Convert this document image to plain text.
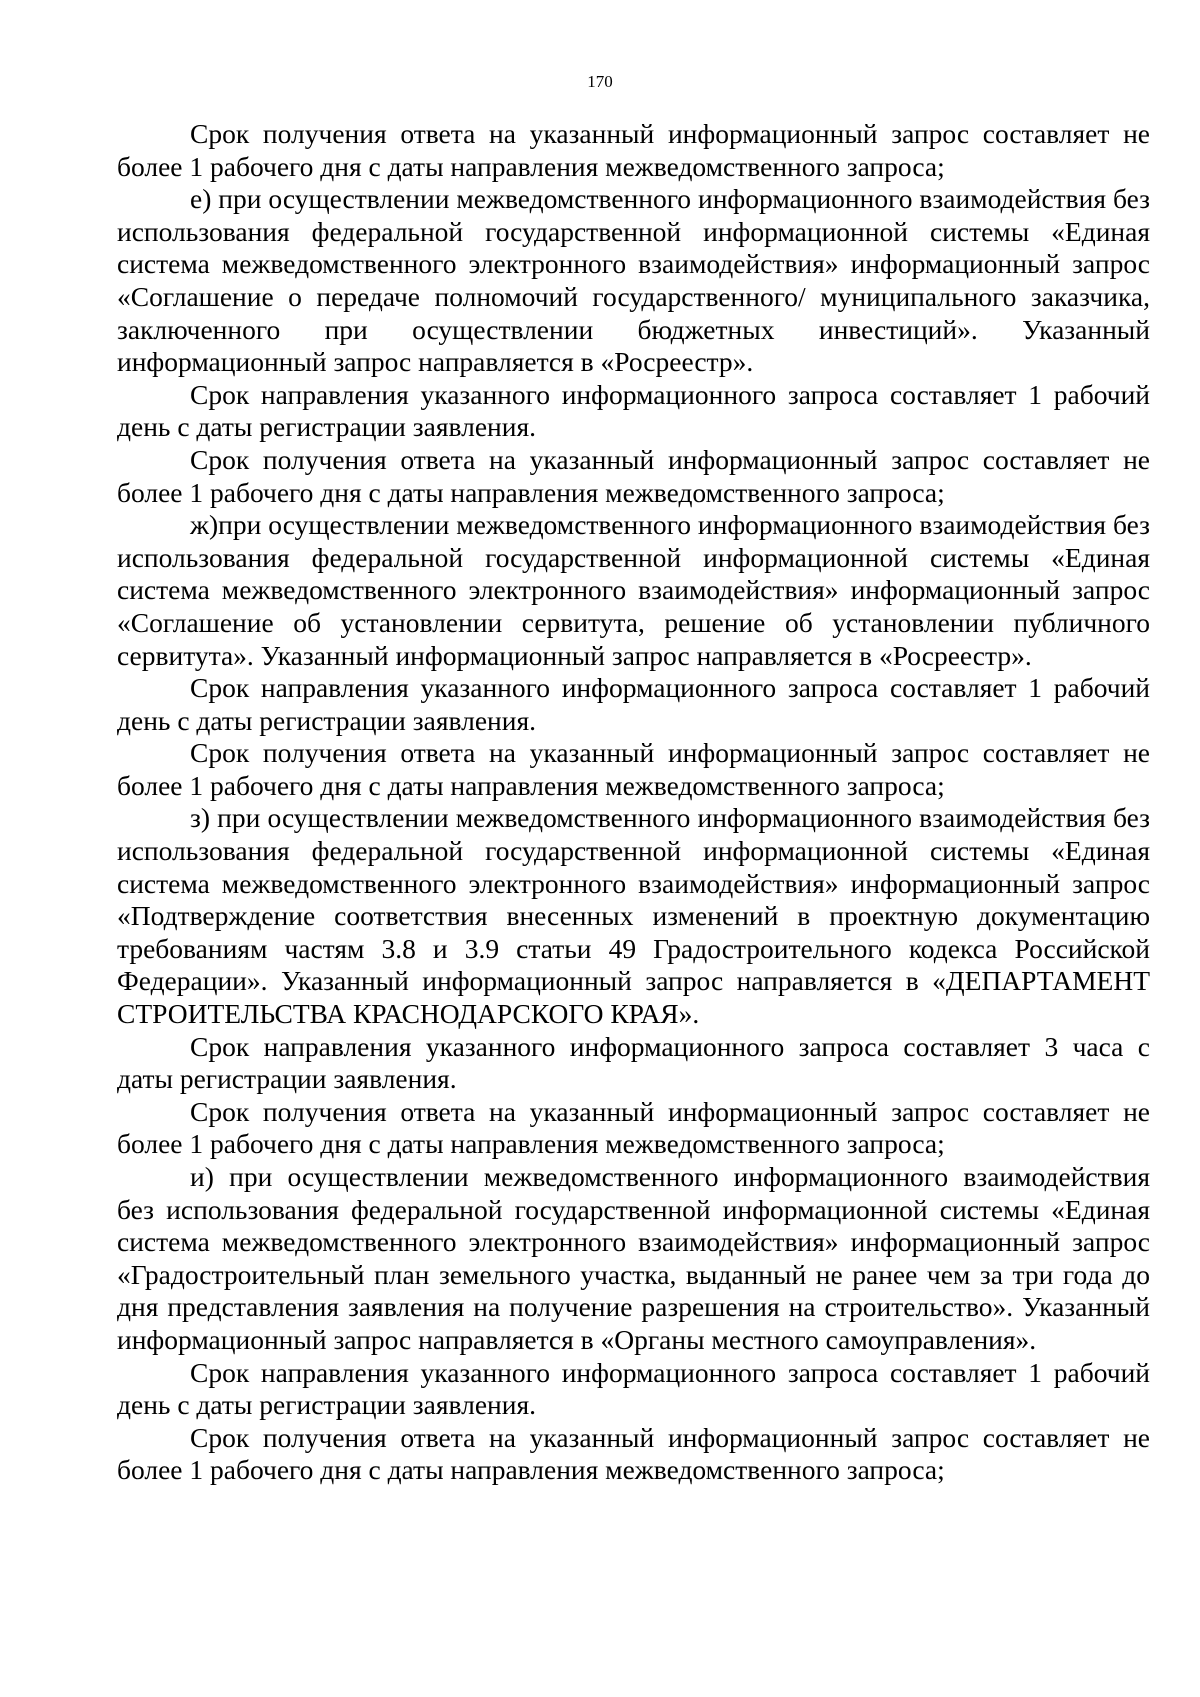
170

Срок получения ответа на указанный информационный запрос составляет не более 1 рабочего дня с даты направления межведомственного запроса;

е) при осуществлении межведомственного информационного взаимодействия без использования федеральной государственной информационной системы «Единая система межведомственного электронного взаимодействия» информационный запрос «Соглашение о передаче полномочий государственного/ муниципального заказчика, заключенного при осуществлении бюджетных инвестиций». Указанный информационный запрос направляется в «Росреестр».

Срок направления указанного информационного запроса составляет 1 рабочий день с даты регистрации заявления.

Срок получения ответа на указанный информационный запрос составляет не более 1 рабочего дня с даты направления межведомственного запроса;

ж)при осуществлении межведомственного информационного взаимодействия без использования федеральной государственной информационной системы «Единая система межведомственного электронного взаимодействия» информационный запрос «Соглашение об установлении сервитута, решение об установлении публичного сервитута». Указанный информационный запрос направляется в «Росреестр».

Срок направления указанного информационного запроса составляет 1 рабочий день с даты регистрации заявления.

Срок получения ответа на указанный информационный запрос составляет не более 1 рабочего дня с даты направления межведомственного запроса;

з) при осуществлении межведомственного информационного взаимодействия без использования федеральной государственной информационной системы «Единая система межведомственного электронного взаимодействия» информационный запрос «Подтверждение соответствия внесенных изменений в проектную документацию требованиям частям 3.8 и 3.9 статьи 49 Градостроительного кодекса Российской Федерации». Указанный информационный запрос направляется в «ДЕПАРТАМЕНТ СТРОИТЕЛЬСТВА КРАСНОДАРСКОГО КРАЯ».

Срок направления указанного информационного запроса составляет 3 часа с даты регистрации заявления.

Срок получения ответа на указанный информационный запрос составляет не более 1 рабочего дня с даты направления межведомственного запроса;

и) при осуществлении межведомственного информационного взаимодействия без использования федеральной государственной информационной системы «Единая система межведомственного электронного взаимодействия» информационный запрос «Градостроительный план земельного участка, выданный не ранее чем за три года до дня представления заявления на получение разрешения на строительство». Указанный информационный запрос направляется в «Органы местного самоуправления».

Срок направления указанного информационного запроса составляет 1 рабочий день с даты регистрации заявления.

Срок получения ответа на указанный информационный запрос составляет не более 1 рабочего дня с даты направления межведомственного запроса;
